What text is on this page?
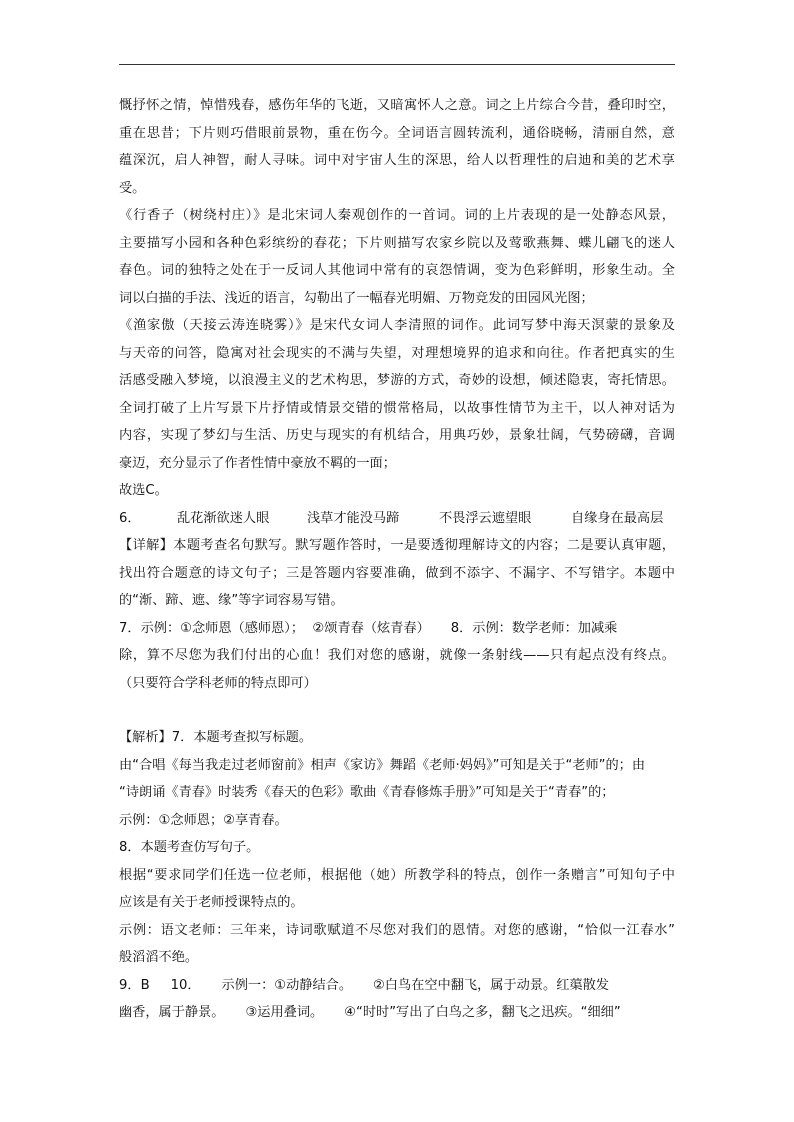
慨抒怀之情，悼惜残春，感伤年华的飞逝，又暗寓怀人之意。词之上片综合今昔，叠印时空，

重在思昔；下片则巧借眼前景物，重在伤今。全词语言圆转流利，通俗晓畅，清丽自然，意

蕴深沉，启人神智，耐人寻味。词中对宇宙人生的深思，给人以哲理性的启迪和美的艺术享

受。

《行香子（树绕村庄）》是北宋词人秦观创作的一首词。词的上片表现的是一处静态风景，

主要描写小园和各种色彩缤纷的春花；下片则描写农家乡院以及莺歌燕舞、蝶儿翩飞的迷人

春色。词的独特之处在于一反词人其他词中常有的哀怨情调，变为色彩鲜明，形象生动。全

词以白描的手法、浅近的语言，勾勒出了一幅春光明媚、万物竞发的田园风光图；

《渔家傲（天接云涛连晓雾）》是宋代女词人李清照的词作。此词写梦中海天溟蒙的景象及

与天帝的问答，隐寓对社会现实的不满与失望，对理想境界的追求和向往。作者把真实的生

活感受融入梦境，以浪漫主义的艺术构思，梦游的方式，奇妙的设想，倾述隐衷，寄托情思。

全词打破了上片写景下片抒情或情景交错的惯常格局，以故事性情节为主干，以人神对话为

内容，实现了梦幻与生活、历史与现实的有机结合，用典巧妙，景象壮阔，气势磅礴，音调

豪迈，充分显示了作者性情中豪放不羁的一面；

故选C。

6．	乱花渐欲迷人眼	浅草才能没马蹄	不畏浮云遮望眼	自缘身在最高层

【详解】本题考查名句默写。默写题作答时，一是要透彻理解诗文的内容；二是要认真审题，

找出符合题意的诗文句子；三是答题内容要准确，做到不添字、不漏字、不写错字。本题中

的“渐、蹄、遮、缘”等字词容易写错。

7．示例：①念师恩（感师恩）；  ②颂青春（炫青春）     8．示例：数学老师：加减乘

除，算不尽您为我们付出的心血！我们对您的感谢，就像一条射线——只有起点没有终点。

（只要符合学科老师的特点即可）

【解析】7．本题考查拟写标题。

由“合唱《每当我走过老师窗前》相声《家访》舞蹈《老师·妈妈》”可知是关于“老师”的；由

“诗朗诵《青春》时装秀《春天的色彩》歌曲《青春修炼手册》”可知是关于“青春”的；

示例：①念师恩；②享青春。

8．本题考查仿写句子。

根据“要求同学们任选一位老师，根据他（她）所教学科的特点，创作一条赠言”可知句子中

应该是有关于老师授课特点的。

示例：语文老师：三年来，诗词歌赋道不尽您对我们的恩情。对您的感谢，“恰似一江春水”

般滔滔不绝。

9．B     10．     示例一：①动静结合。     ②白鸟在空中翻飞，属于动景。红蕖散发

幽香，属于静景。     ③运用叠词。     ④“时时”写出了白鸟之多，翻飞之迅疾。“细细”
